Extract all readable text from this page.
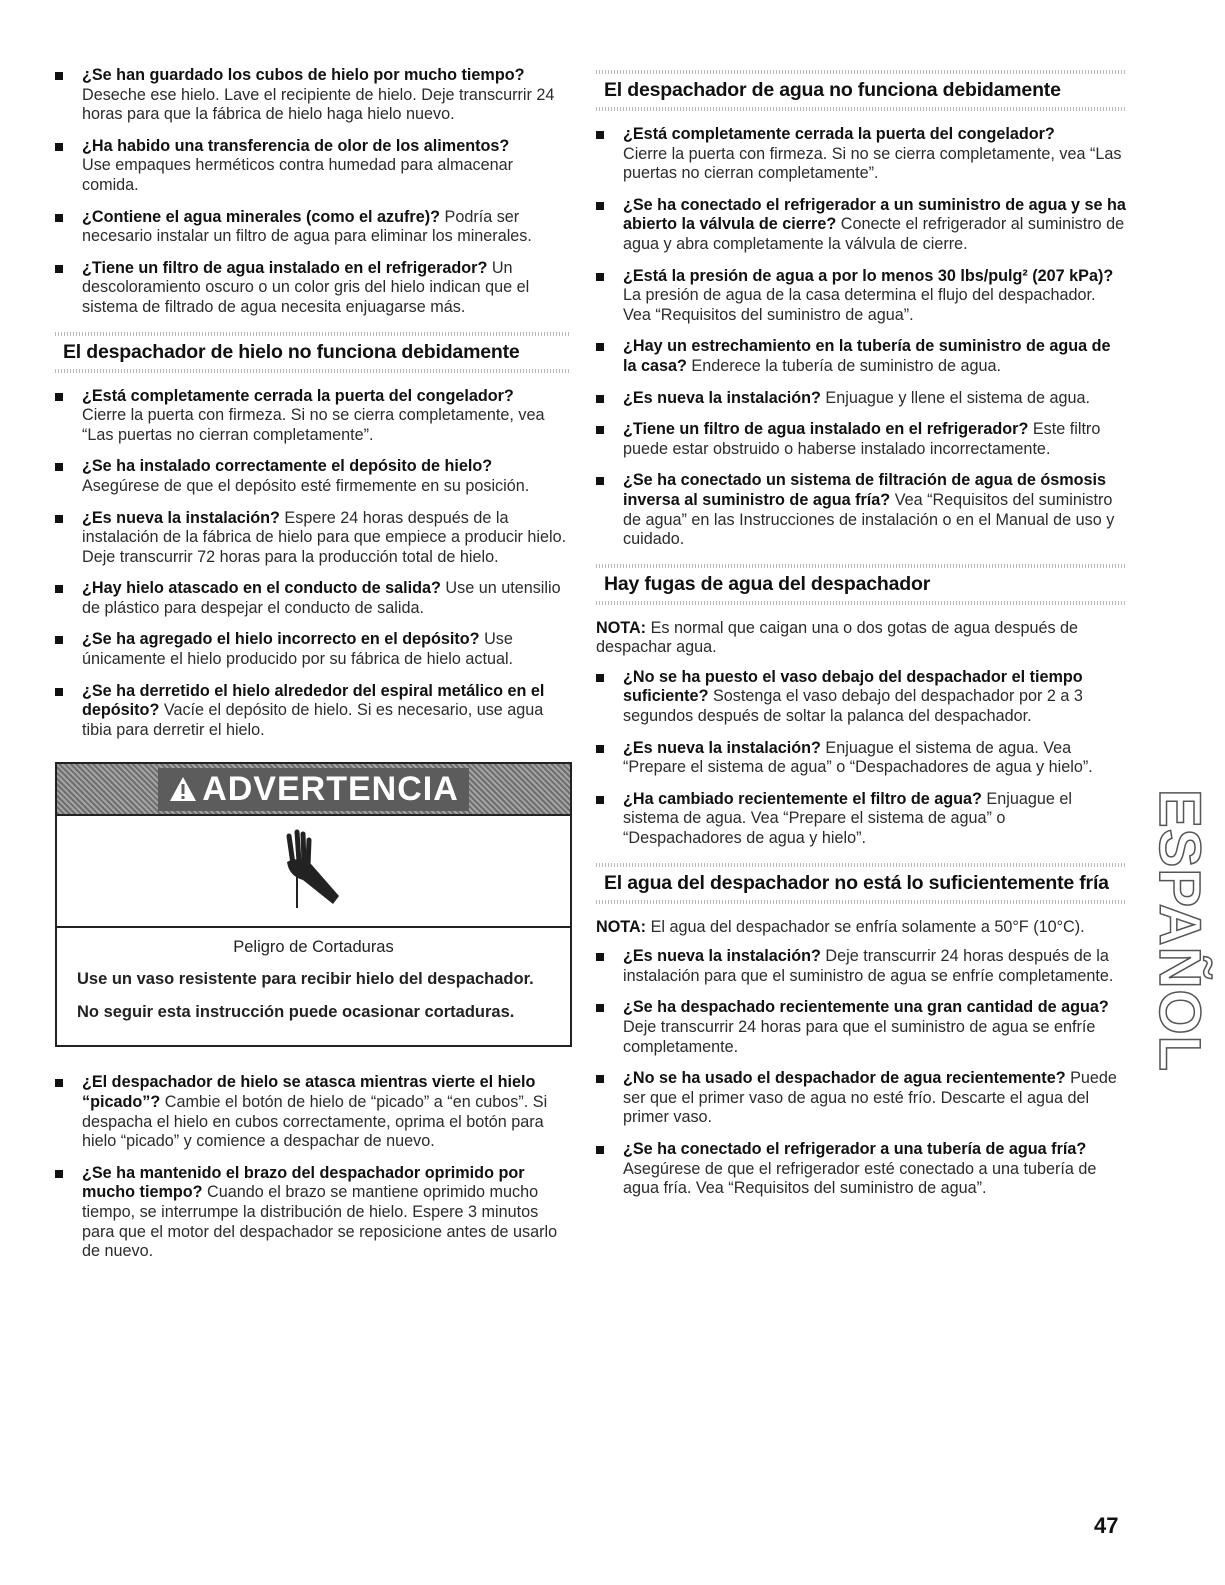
¿Se han guardado los cubos de hielo por mucho tiempo?
Deseche ese hielo. Lave el recipiente de hielo. Deje transcurrir 24 horas para que la fábrica de hielo haga hielo nuevo.
¿Ha habido una transferencia de olor de los alimentos?
Use empaques herméticos contra humedad para almacenar comida.
¿Contiene el agua minerales (como el azufre)? Podría ser necesario instalar un filtro de agua para eliminar los minerales.
¿Tiene un filtro de agua instalado en el refrigerador? Un descoloramiento oscuro o un color gris del hielo indican que el sistema de filtrado de agua necesita enjuagarse más.
El despachador de hielo no funciona debidamente
¿Está completamente cerrada la puerta del congelador?
Cierre la puerta con firmeza. Si no se cierra completamente, vea “Las puertas no cierran completamente”.
¿Se ha instalado correctamente el depósito de hielo?
Asegúrese de que el depósito esté firmemente en su posición.
¿Es nueva la instalación? Espere 24 horas después de la instalación de la fábrica de hielo para que empiece a producir hielo. Deje transcurrir 72 horas para la producción total de hielo.
¿Hay hielo atascado en el conducto de salida? Use un utensilio de plástico para despejar el conducto de salida.
¿Se ha agregado el hielo incorrecto en el depósito? Use únicamente el hielo producido por su fábrica de hielo actual.
¿Se ha derretido el hielo alrededor del espiral metálico en el depósito? Vacíe el depósito de hielo. Si es necesario, use agua tibia para derretir el hielo.
ADVERTENCIA
Peligro de Cortaduras

Use un vaso resistente para recibir hielo del despachador.

No seguir esta instrucción puede ocasionar cortaduras.

¿El despachador de hielo se atasca mientras vierte el hielo “picado”? Cambie el botón de hielo de “picado” a “en cubos”. Si despacha el hielo en cubos correctamente, oprima el botón para hielo “picado” y comience a despachar de nuevo.
¿Se ha mantenido el brazo del despachador oprimido por mucho tiempo? Cuando el brazo se mantiene oprimido mucho tiempo, se interrumpe la distribución de hielo. Espere 3 minutos para que el motor del despachador se reposicione antes de usarlo de nuevo.
El despachador de agua no funciona debidamente
¿Está completamente cerrada la puerta del congelador?
Cierre la puerta con firmeza. Si no se cierra completamente, vea “Las puertas no cierran completamente”.
¿Se ha conectado el refrigerador a un suministro de agua y se ha abierto la válvula de cierre? Conecte el refrigerador al suministro de agua y abra completamente la válvula de cierre.
¿Está la presión de agua a por lo menos 30 lbs/pulg² (207 kPa)? La presión de agua de la casa determina el flujo del despachador. Vea “Requisitos del suministro de agua”.
¿Hay un estrechamiento en la tubería de suministro de agua de la casa? Enderece la tubería de suministro de agua.
¿Es nueva la instalación? Enjuague y llene el sistema de agua.
¿Tiene un filtro de agua instalado en el refrigerador? Este filtro puede estar obstruido o haberse instalado incorrectamente.
¿Se ha conectado un sistema de filtración de agua de ósmosis inversa al suministro de agua fría? Vea “Requisitos del suministro de agua” en las Instrucciones de instalación o en el Manual de uso y cuidado.
Hay fugas de agua del despachador

NOTA: Es normal que caigan una o dos gotas de agua después de despachar agua.

¿No se ha puesto el vaso debajo del despachador el tiempo suficiente? Sostenga el vaso debajo del despachador por 2 a 3 segundos después de soltar la palanca del despachador.
¿Es nueva la instalación? Enjuague el sistema de agua. Vea “Prepare el sistema de agua” o “Despachadores de agua y hielo”.
¿Ha cambiado recientemente el filtro de agua? Enjuague el sistema de agua. Vea “Prepare el sistema de agua” o “Despachadores de agua y hielo”.
El agua del despachador no está lo suficientemente fría

NOTA: El agua del despachador se enfría solamente a 50°F (10°C).

¿Es nueva la instalación? Deje transcurrir 24 horas después de la instalación para que el suministro de agua se enfríe completamente.
¿Se ha despachado recientemente una gran cantidad de agua? Deje transcurrir 24 horas para que el suministro de agua se enfríe completamente.
¿No se ha usado el despachador de agua recientemente? Puede ser que el primer vaso de agua no esté frío. Descarte el agua del primer vaso.
¿Se ha conectado el refrigerador a una tubería de agua fría? Asegúrese de que el refrigerador esté conectado a una tubería de agua fría. Vea “Requisitos del suministro de agua”.
ESPAÑOL
47
